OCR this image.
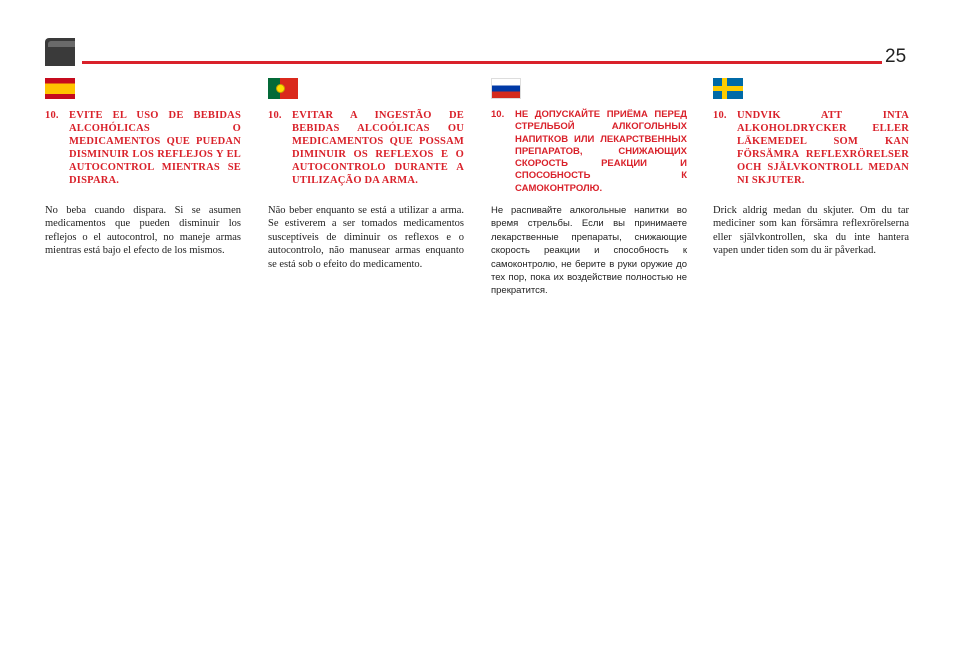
25
10. EVITE EL USO DE BEBIDAS ALCOHÓLICAS O MEDICAMENTOS QUE PUEDAN DISMINUIR LOS REFLEJOS Y EL AUTOCONTROL MIENTRAS SE DISPARA.
No beba cuando dispara. Si se asumen medicamentos que pueden disminuir los reflejos o el autocontrol, no maneje armas mientras está bajo el efecto de los mismos.
10. EVITAR A INGESTÃO DE BEBIDAS ALCOÓLICAS OU MEDICAMENTOS QUE POSSAM DIMINUIR OS REFLEXOS E O AUTOCONTROLO DURANTE A UTILIZAÇÃO DA ARMA.
Não beber enquanto se está a utilizar a arma. Se estiverem a ser tomados medicamentos susceptíveis de diminuir os reflexos e o autocontrolo, não manusear armas enquanto se está sob o efeito do medicamento.
10.	НЕ ДОПУСКАЙТЕ ПРИЁМА ПЕРЕД СТРЕЛЬБОЙ АЛКОГОЛЬНЫХ НАПИТКОВ ИЛИ ЛЕКАРСТВЕННЫХ ПРЕПАРАТОВ, СНИЖАЮЩИХ СКОРОСТЬ РЕАКЦИИ И СПОСОБНОСТЬ К САМОКОНТРОЛЮ.
Не распивайте алкогольные напитки во время стрельбы. Если вы принимаете лекарственные препараты, снижающие скорость реакции и способность к самоконтролю, не берите в руки оружие до тех пор, пока их воздействие полностью не прекратится.
10. UNDVIK ATT INTA ALKOHOLDRYCKER ELLER LÄKEMEDEL SOM KAN FÖRSÄMRA REFLEXRÖRELSER OCH SJÄLVKONTROLL MEDAN NI SKJUTER.
Drick aldrig medan du skjuter. Om du tar mediciner som kan försämra reflexrörelserna eller självkontrollen, ska du inte hantera vapen under tiden som du är påverkad.
